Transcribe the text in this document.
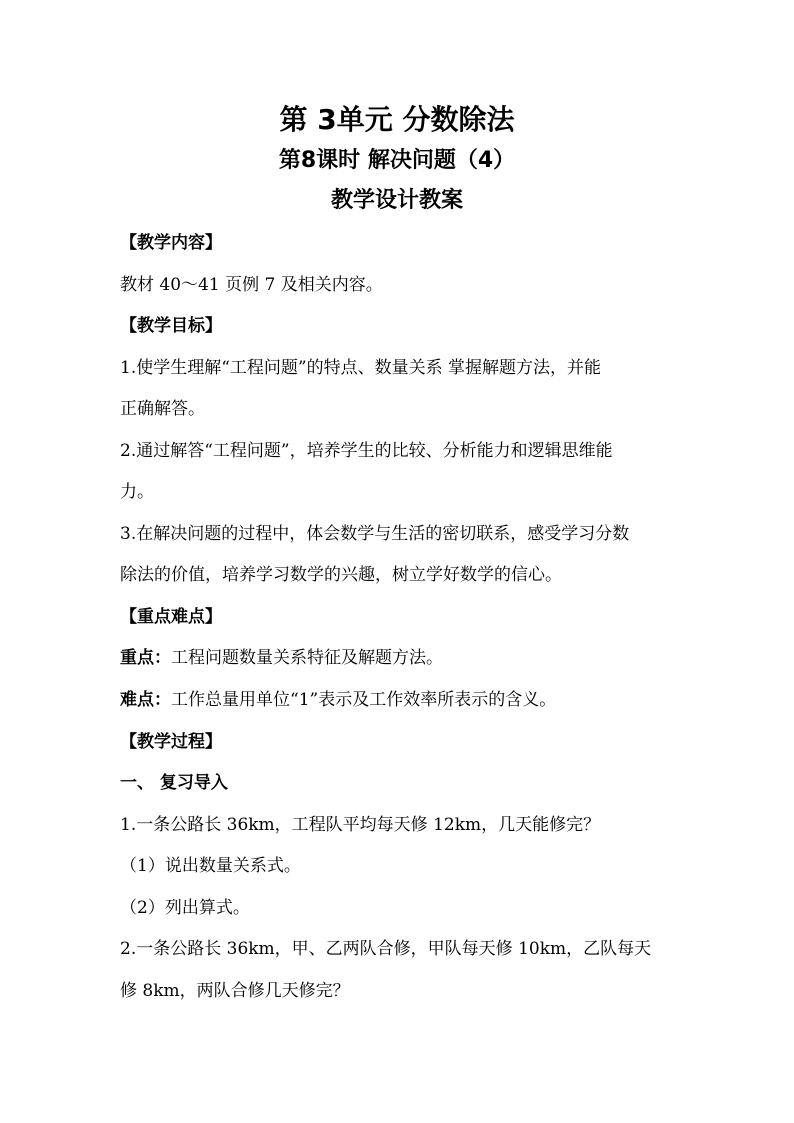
第 3单元 分数除法
第8课时 解决问题（4）
教学设计教案
【教学内容】
教材 40～41 页例 7 及相关内容。
【教学目标】
1.使学生理解“工程问题”的特点、数量关系 掌握解题方法，并能
正确解答。
2.通过解答“工程问题”，培养学生的比较、分析能力和逻辑思维能
力。
3.在解决问题的过程中，体会数学与生活的密切联系，感受学习分数
除法的价值，培养学习数学的兴趣，树立学好数学的信心。
【重点难点】
重点：工程问题数量关系特征及解题方法。
难点：工作总量用单位“1”表示及工作效率所表示的含义。
【教学过程】
一、 复习导入
1.一条公路长 36km，工程队平均每天修 12km，几天能修完？
（1）说出数量关系式。
（2）列出算式。
2.一条公路长 36km，甲、乙两队合修，甲队每天修 10km，乙队每天
修 8km，两队合修几天修完？
